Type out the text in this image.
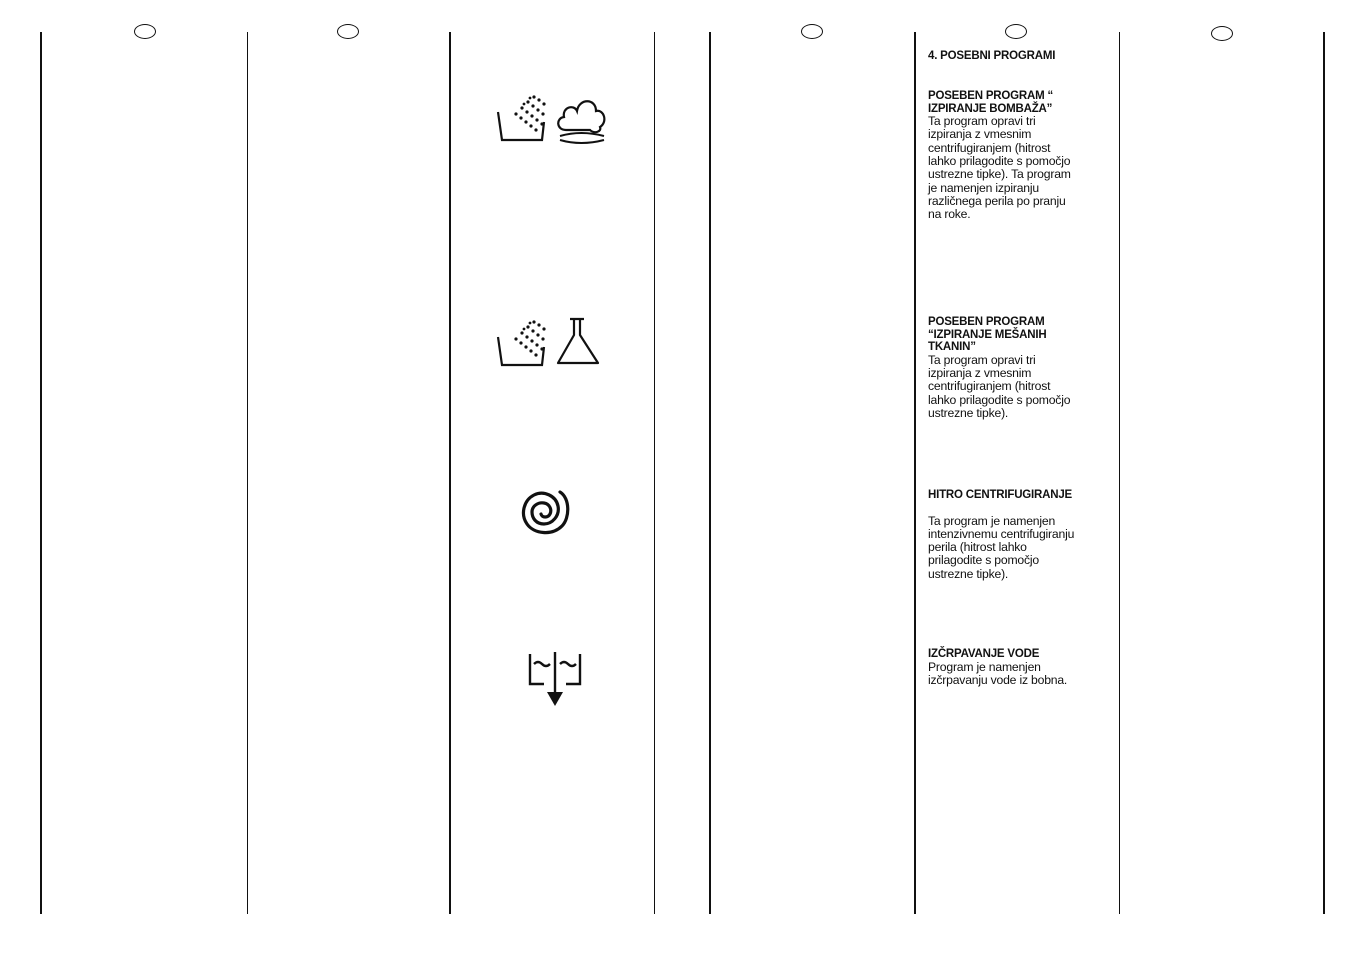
4. POSEBNI PROGRAMI
POSEBEN PROGRAM “
IZPIRANJE BOMBAŽA”
Ta program opravi tri
izpiranja z vmesnim
centrifugiranjem (hitrost
lahko prilagodite s pomočjo
ustrezne tipke). Ta program
je namenjen izpiranju
različnega perila po pranju
na roke.
POSEBEN PROGRAM
“IZPIRANJE MEŠANIH
TKANIN”
Ta program opravi tri
izpiranja z vmesnim
centrifugiranjem (hitrost
lahko prilagodite s pomočjo
ustrezne tipke).
HITRO CENTRIFUGIRANJE
Ta program je namenjen
intenzivnemu centrifugiranju
perila (hitrost lahko
prilagodite s pomočjo
ustrezne tipke).
IZČRPAVANJE VODE
Program je namenjen
izčrpavanju vode iz bobna.
